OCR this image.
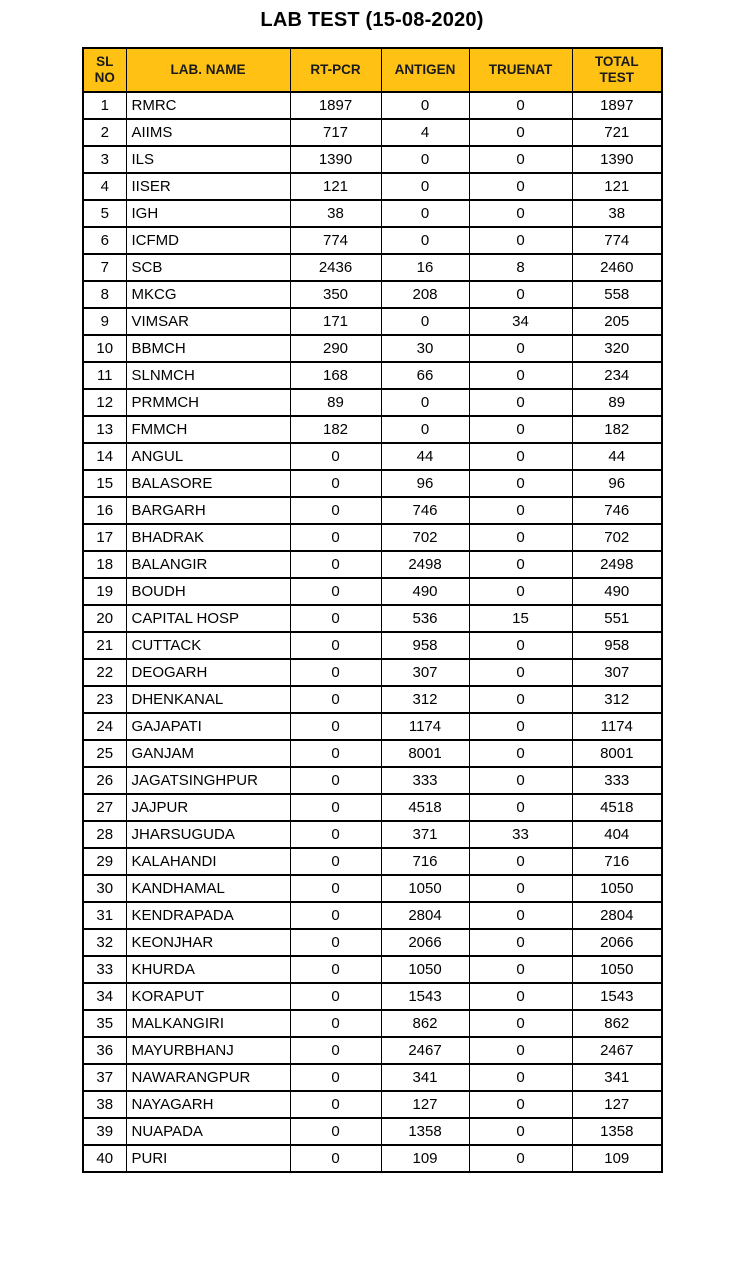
LAB TEST (15-08-2020)
SL NO	LAB. NAME	RT-PCR	ANTIGEN	TRUENAT	TOTAL TEST
1	RMRC	1897	0	0	1897
2	AIIMS	717	4	0	721
3	ILS	1390	0	0	1390
4	IISER	121	0	0	121
5	IGH	38	0	0	38
6	ICFMD	774	0	0	774
7	SCB	2436	16	8	2460
8	MKCG	350	208	0	558
9	VIMSAR	171	0	34	205
10	BBMCH	290	30	0	320
11	SLNMCH	168	66	0	234
12	PRMMCH	89	0	0	89
13	FMMCH	182	0	0	182
14	ANGUL	0	44	0	44
15	BALASORE	0	96	0	96
16	BARGARH	0	746	0	746
17	BHADRAK	0	702	0	702
18	BALANGIR	0	2498	0	2498
19	BOUDH	0	490	0	490
20	CAPITAL HOSP	0	536	15	551
21	CUTTACK	0	958	0	958
22	DEOGARH	0	307	0	307
23	DHENKANAL	0	312	0	312
24	GAJAPATI	0	1174	0	1174
25	GANJAM	0	8001	0	8001
26	JAGATSINGHPUR	0	333	0	333
27	JAJPUR	0	4518	0	4518
28	JHARSUGUDA	0	371	33	404
29	KALAHANDI	0	716	0	716
30	KANDHAMAL	0	1050	0	1050
31	KENDRAPADA	0	2804	0	2804
32	KEONJHAR	0	2066	0	2066
33	KHURDA	0	1050	0	1050
34	KORAPUT	0	1543	0	1543
35	MALKANGIRI	0	862	0	862
36	MAYURBHANJ	0	2467	0	2467
37	NAWARANGPUR	0	341	0	341
38	NAYAGARH	0	127	0	127
39	NUAPADA	0	1358	0	1358
40	PURI	0	109	0	109
